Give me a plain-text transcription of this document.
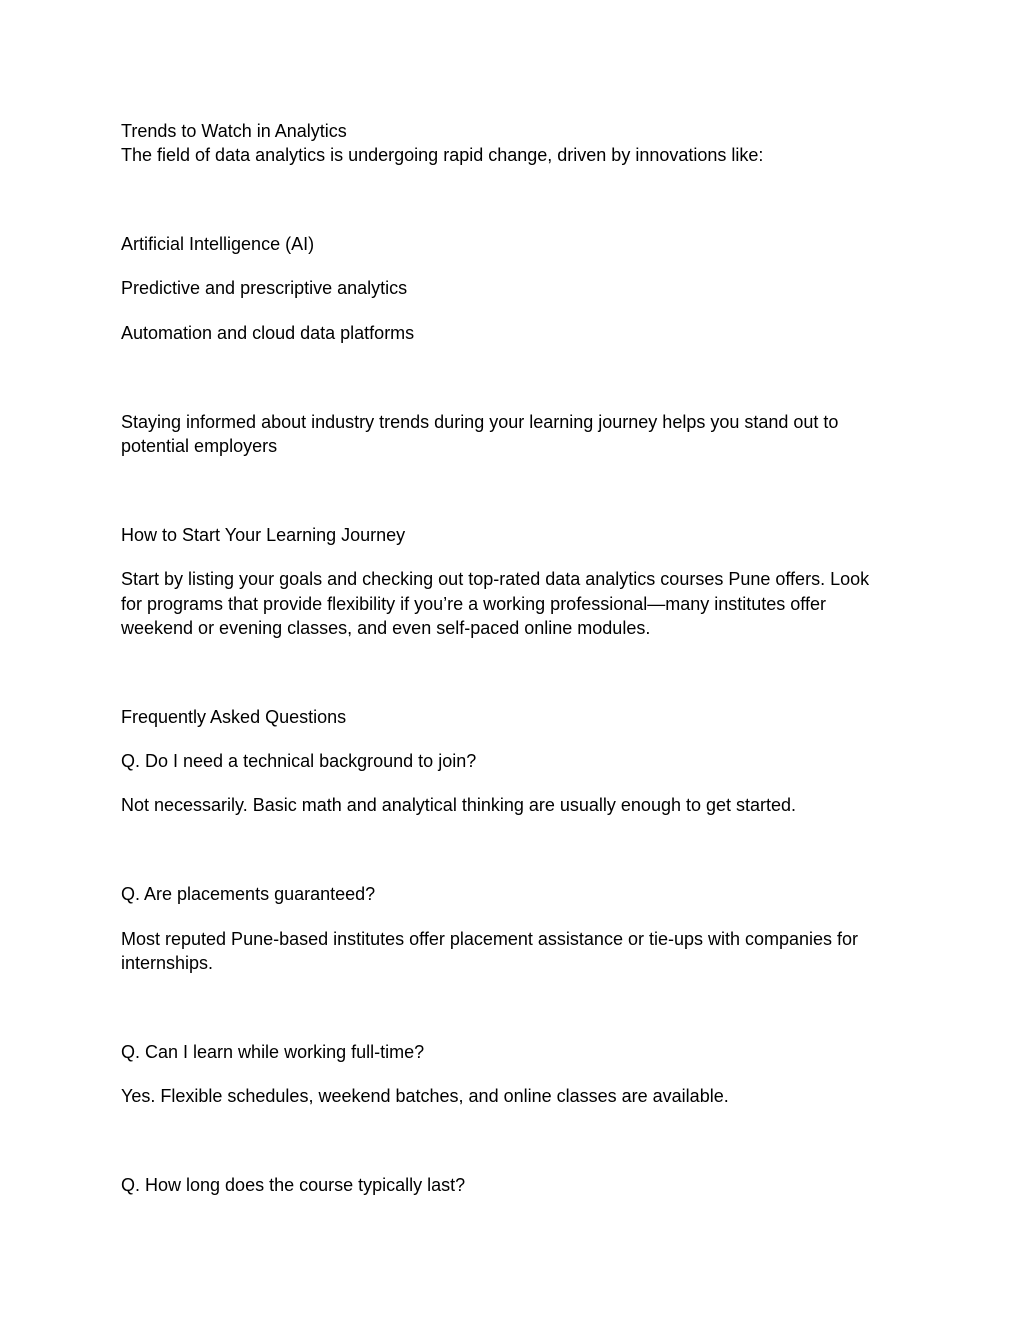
Trends to Watch in Analytics

The field of data analytics is undergoing rapid change, driven by innovations like:

Artificial Intelligence (AI)

Predictive and prescriptive analytics

Automation and cloud data platforms

Staying informed about industry trends during your learning journey helps you stand out to

potential employers

How to Start Your Learning Journey

Start by listing your goals and checking out top-rated data analytics courses Pune offers. Look

for programs that provide flexibility if you’re a working professional—many institutes offer

weekend or evening classes, and even self-paced online modules.

Frequently Asked Questions

Q. Do I need a technical background to join?

Not necessarily. Basic math and analytical thinking are usually enough to get started.

Q. Are placements guaranteed?

Most reputed Pune-based institutes offer placement assistance or tie-ups with companies for

internships.

Q. Can I learn while working full-time?

Yes. Flexible schedules, weekend batches, and online classes are available.

Q. How long does the course typically last?
